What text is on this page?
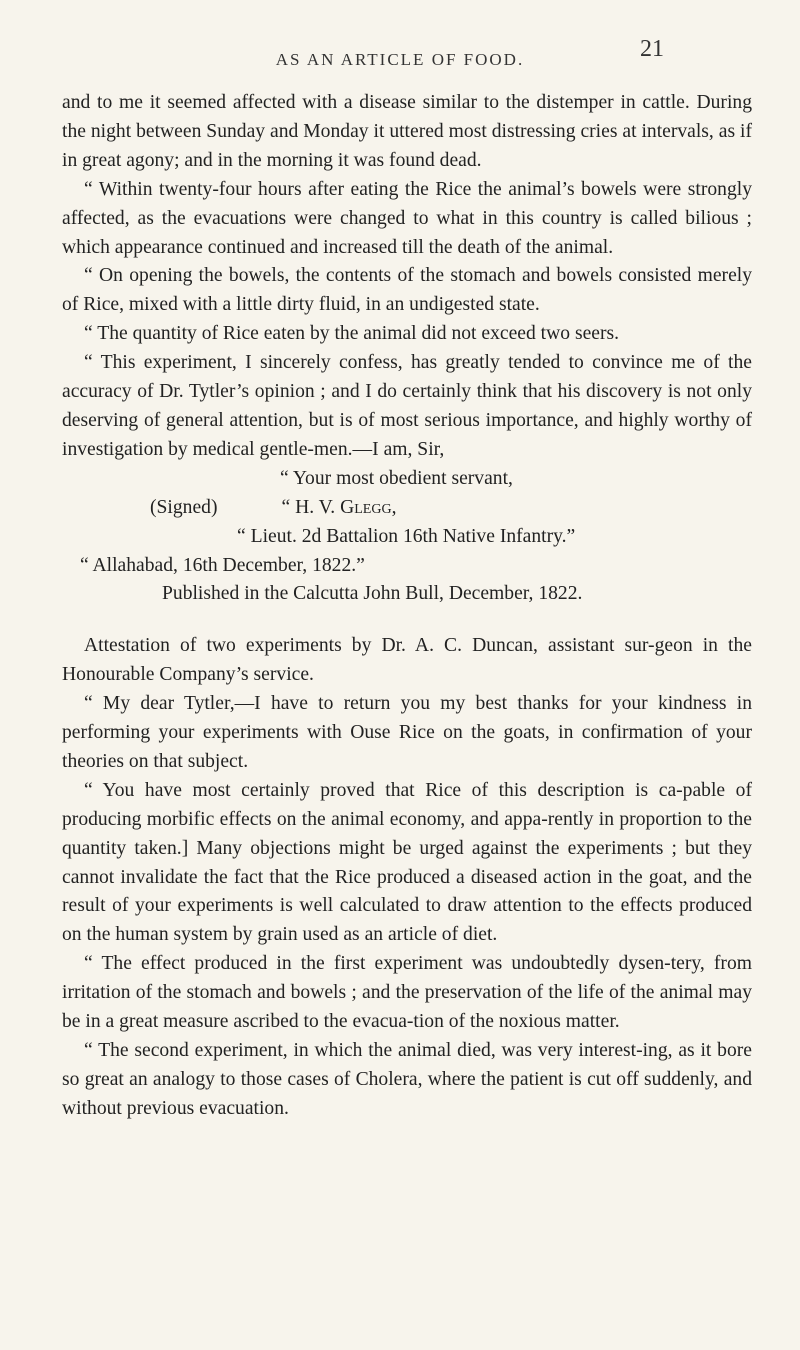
AS AN ARTICLE OF FOOD.	21

and to me it seemed affected with a disease similar to the distemper in cattle. During the night between Sunday and Monday it uttered most distressing cries at intervals, as if in great agony; and in the morning it was found dead.

“ Within twenty-four hours after eating the Rice the animal’s bowels were strongly affected, as the evacuations were changed to what in this country is called bilious ; which appearance continued and increased till the death of the animal.

“ On opening the bowels, the contents of the stomach and bowels consisted merely of Rice, mixed with a little dirty fluid, in an undigested state.

“ The quantity of Rice eaten by the animal did not exceed two seers.

“ This experiment, I sincerely confess, has greatly tended to convince me of the accuracy of Dr. Tytler’s opinion ; and I do certainly think that his discovery is not only deserving of general attention, but is of most serious importance, and highly worthy of investigation by medical gentle-men.—I am, Sir,

“ Your most obedient servant,
(Signed)	“ H. V. Glegg,
“ Lieut. 2d Battalion 16th Native Infantry.”
“ Allahabad, 16th December, 1822.”
Published in the Calcutta John Bull, December, 1822.

Attestation of two experiments by Dr. A. C. Duncan, assistant sur-geon in the Honourable Company’s service.

“ My dear Tytler,—I have to return you my best thanks for your kindness in performing your experiments with Ouse Rice on the goats, in confirmation of your theories on that subject.

“ You have most certainly proved that Rice of this description is ca-pable of producing morbific effects on the animal economy, and appa-rently in proportion to the quantity taken.] Many objections might be urged against the experiments ; but they cannot invalidate the fact that the Rice produced a diseased action in the goat, and the result of your experiments is well calculated to draw attention to the effects produced on the human system by grain used as an article of diet.

“ The effect produced in the first experiment was undoubtedly dysen-tery, from irritation of the stomach and bowels ; and the preservation of the life of the animal may be in a great measure ascribed to the evacua-tion of the noxious matter.

“ The second experiment, in which the animal died, was very interest-ing, as it bore so great an analogy to those cases of Cholera, where the patient is cut off suddenly, and without previous evacuation.
